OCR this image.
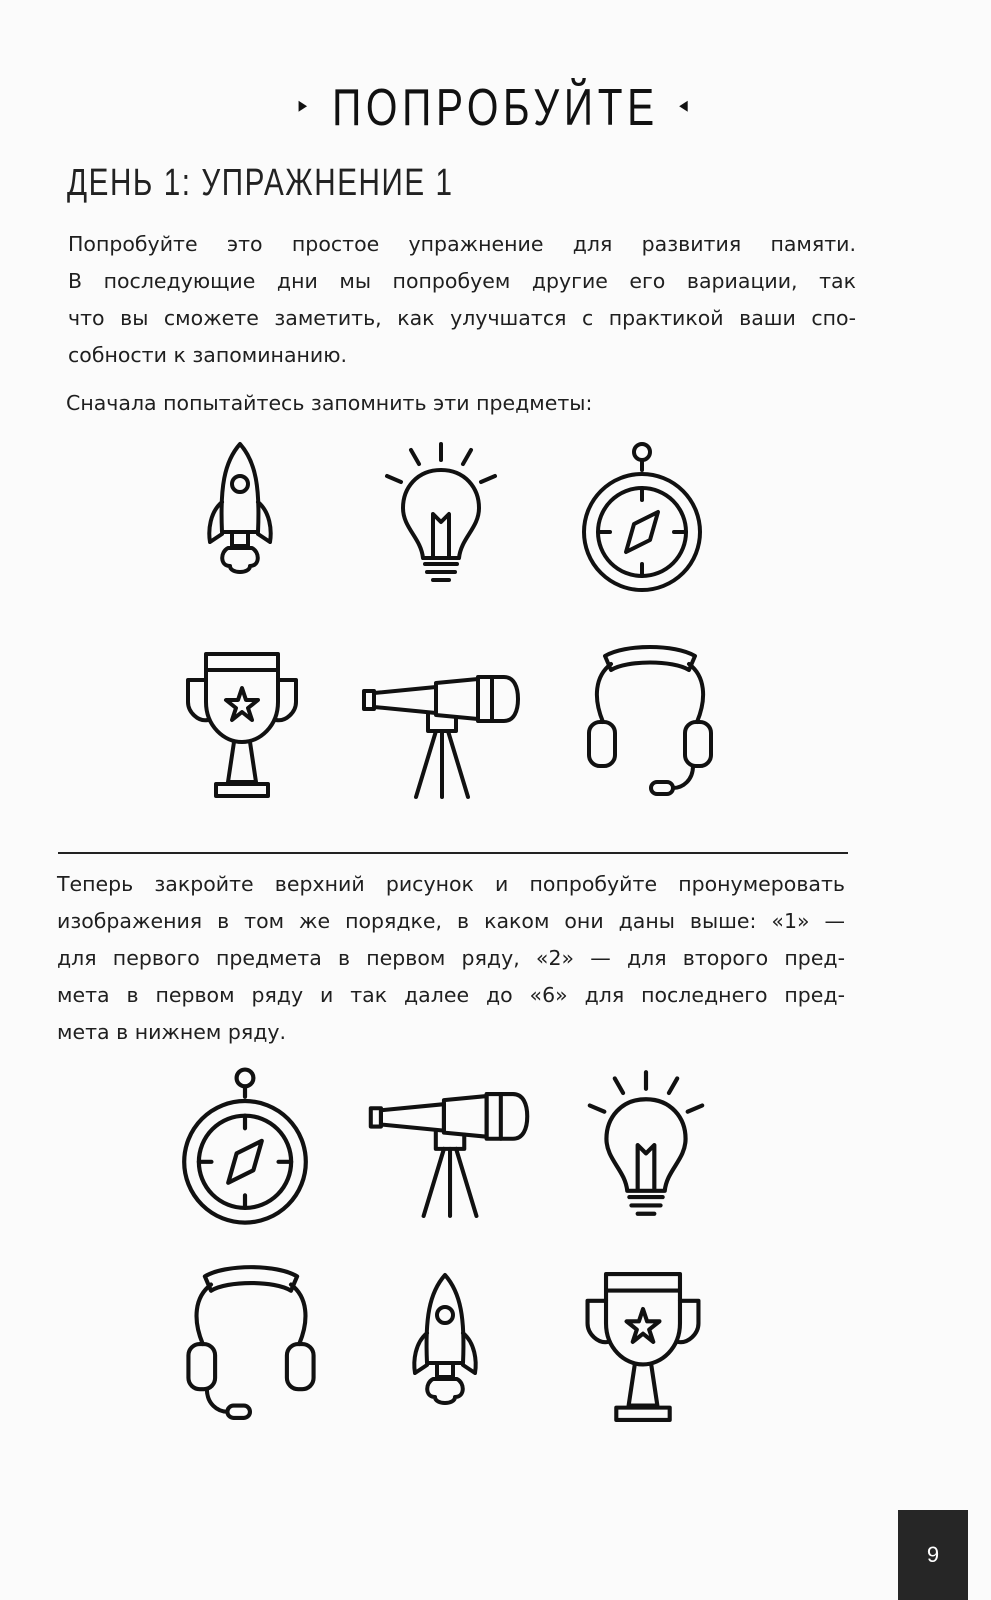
▸ ПОПРОБУЙТЕ ◂
ДЕНЬ 1: УПРАЖНЕНИЕ 1
Попробуйте это простое упражнение для развития памяти.
В последующие дни мы попробуем другие его вариации, так
что вы сможете заметить, как улучшатся с практикой ваши спо-
собности к запоминанию.
Сначала попытайтесь запомнить эти предметы:
Теперь закройте верхний рисунок и попробуйте пронумеровать
изображения в том же порядке, в каком они даны выше: «1» —
для первого предмета в первом ряду, «2» — для второго пред-
мета в первом ряду и так далее до «6» для последнего пред-
мета в нижнем ряду.
9
